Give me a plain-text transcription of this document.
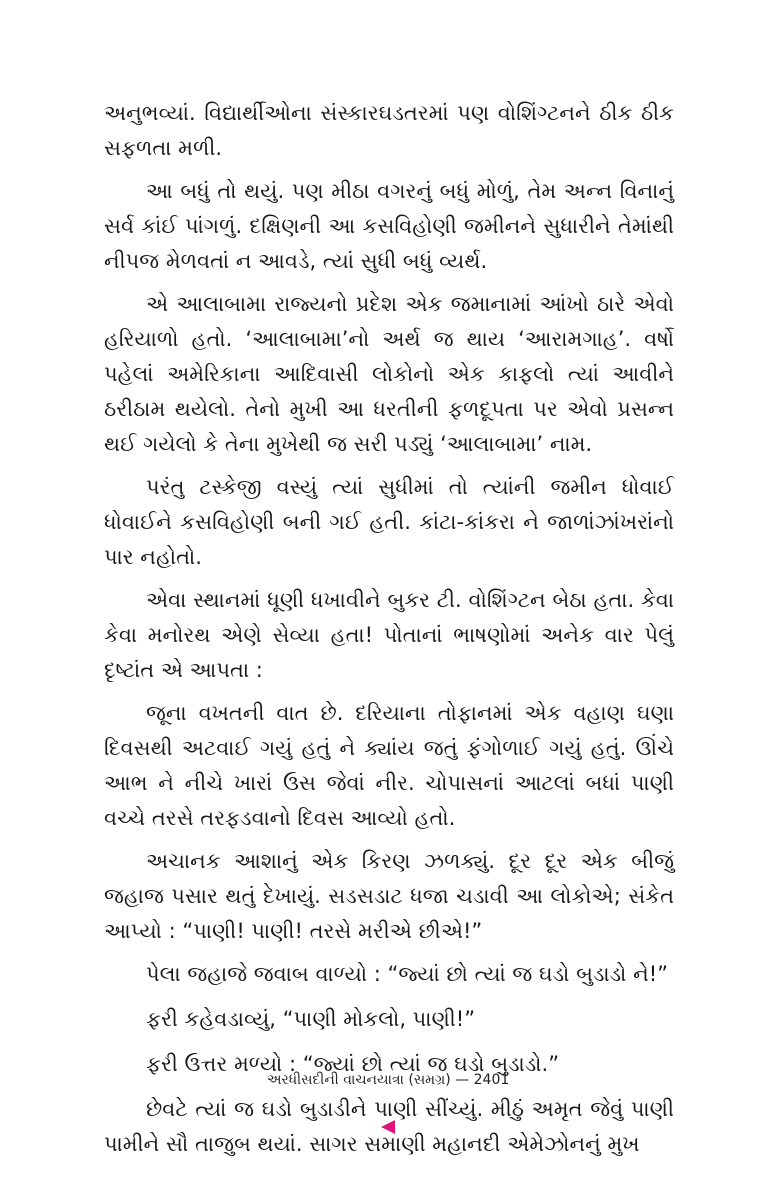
અનુભવ્યાં. વિદ્યાર્થીઓના સંસ્કારઘડતરમાં પણ વોશિંગ્ટનને ઠીક ઠીક સફળતા મળી.

આ બધું તો થયું. પણ મીઠા વગરનું બધું મોળું, તેમ અન્ન વિનાનું સર્વ કાંઈ પાંગળું. દક્ષિણની આ કસવિહોણી જમીનને સુધારીને તેમાંથી નીપજ મેળવતાં ન આવડે, ત્યાં સુધી બધું વ્યર્થ.

એ આલાબામા રાજ્યનો પ્રદેશ એક જમાનામાં આંખો ઠારે એવો હરિયાળો હતો. ‘આલાબામા’નો અર્થ જ થાય ‘આરામગાહ’. વર્ષો પહેલાં અમેરિકાના આદિવાસી લોકોનો એક કાફલો ત્યાં આવીને ઠરીઠામ થયેલો. તેનો મુખી આ ધરતીની ફળદૂપતા પર એવો પ્રસન્ન થઈ ગયેલો કે તેના મુખેથી જ સરી પડ્યું ‘આલાબામા’ નામ.

પરંતુ ટસ્કેજી વસ્યું ત્યાં સુધીમાં તો ત્યાંની જમીન ધોવાઈ ધોવાઈને કસવિહોણી બની ગઈ હતી. કાંટા-કાંકરા ને જાળાંઝાંખરાંનો પાર નહોતો.

એવા સ્થાનમાં ધૂણી ધખાવીને બુકર ટી. વોશિંગ્ટન બેઠા હતા. કેવા કેવા મનોરથ એણે સેવ્યા હતા! પોતાનાં ભાષણોમાં અનેક વાર પેલું દૃષ્ટાંત એ આપતા :

જૂના વખતની વાત છે. દરિયાના તોફાનમાં એક વહાણ ઘણા દિવસથી અટવાઈ ગયું હતું ને ક્યાંય જતું ફંગોળાઈ ગયું હતું. ઊંચે આભ ને નીચે ખારાં ઉસ જેવાં નીર. ચોપાસનાં આટલાં બધાં પાણી વચ્ચે તરસે તરફડવાનો દિવસ આવ્યો હતો.

અચાનક આશાનું એક કિરણ ઝળક્યું. દૂર દૂર એક બીજું જહાજ પસાર થતું દેખાયું. સડસડાટ ધજા ચડાવી આ લોકોએ; સંકેત આપ્યો : “પાણી! પાણી! તરસે મરીએ છીએ!”

પેલા જહાજે જવાબ વાળ્યો : “જ્યાં છો ત્યાં જ ઘડો બુડાડો ને!”

ફરી કહેવડાવ્યું, “પાણી મોકલો, પાણી!”

ફરી ઉત્તર મળ્યો : “જ્યાં છો ત્યાં જ ઘડો બુડાડો.”

છેવટે ત્યાં જ ઘડો બુડાડીને પાણી સીંચ્યું. મીઠું અમૃત જેવું પાણી પામીને સૌ તાજુબ થયાં. સાગર સમાણી મહાનદી એમેઝોનનું મુખ

અરધીસદીની વાચનયાત્રા (સમગ્ર) — 2401
